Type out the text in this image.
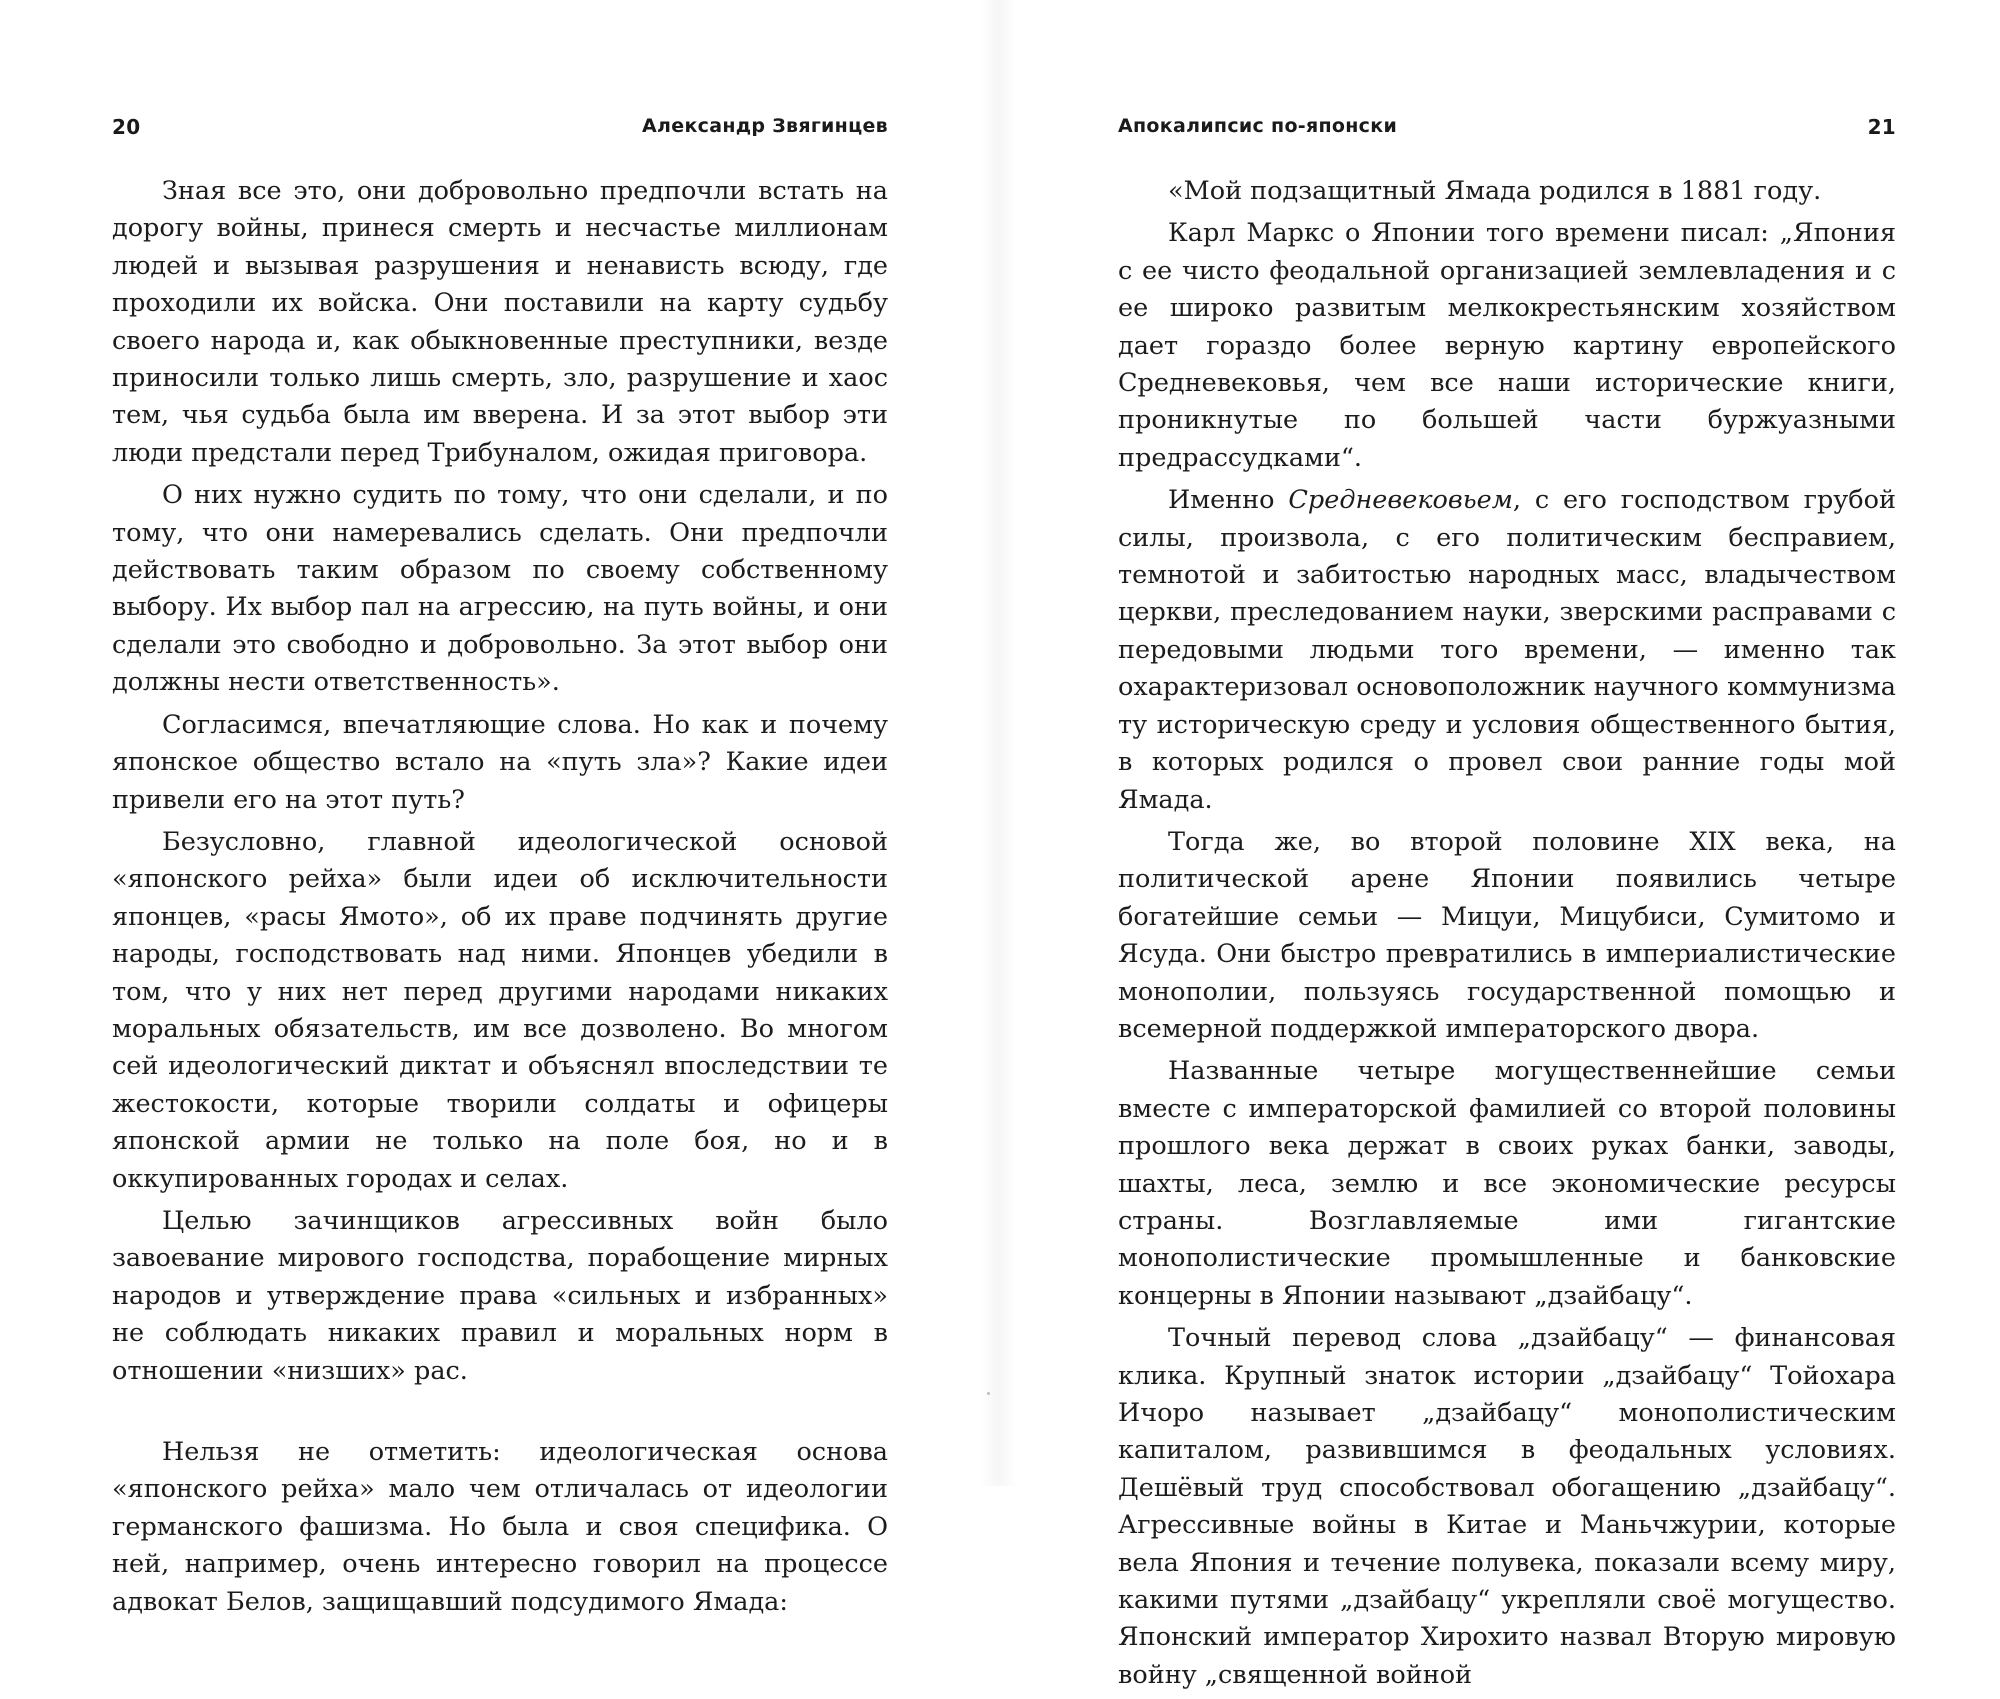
20	Александр Звягинцев

Зная все это, они добровольно предпочли встать на дорогу войны, принеся смерть и несчастье миллионам людей и вызывая разрушения и ненависть всюду, где проходили их войска. Они поставили на карту судьбу своего народа и, как обыкновенные преступники, везде приносили только лишь смерть, зло, разрушение и хаос тем, чья судьба была им вверена. И за этот выбор эти люди предстали перед Трибуналом, ожидая приговора.

О них нужно судить по тому, что они сделали, и по тому, что они намеревались сделать. Они предпочли действовать таким образом по своему собственному выбору. Их выбор пал на агрессию, на путь войны, и они сделали это свободно и добровольно. За этот выбор они должны нести ответственность».

Согласимся, впечатляющие слова. Но как и почему японское общество встало на «путь зла»? Какие идеи привели его на этот путь?

Безусловно, главной идеологической основой «японского рейха» были идеи об исключительности японцев, «расы Ямото», об их праве подчинять другие народы, господствовать над ними. Японцев убедили в том, что у них нет перед другими народами никаких моральных обязательств, им все дозволено. Во многом сей идеологический диктат и объяснял впоследствии те жестокости, которые творили солдаты и офицеры японской армии не только на поле боя, но и в оккупированных городах и селах.

Целью зачинщиков агрессивных войн было завоевание мирового господства, порабощение мирных народов и утверждение права «сильных и избранных» не соблюдать никаких правил и моральных норм в отношении «низших» рас.

Нельзя не отметить: идеологическая основа «японского рейха» мало чем отличалась от идеологии германского фашизма. Но была и своя специфика. О ней, например, очень интересно говорил на процессе адвокат Белов, защищавший подсудимого Ямада:

Апокалипсис по-японски	21

«Мой подзащитный Ямада родился в 1881 году.

Карл Маркс о Японии того времени писал: „Япония с ее чисто феодальной организацией землевладения и с ее широко развитым мелкокрестьянским хозяйством дает гораздо более верную картину европейского Средневековья, чем все наши исторические книги, проникнутые по большей части буржуазными предрассудками“.

Именно Средневековьем, с его господством грубой силы, произвола, с его политическим бесправием, темнотой и забитостью народных масс, владычеством церкви, преследованием науки, зверскими расправами с передовыми людьми того времени, — именно так охарактеризовал основоположник научного коммунизма ту историческую среду и условия общественного бытия, в которых родился о провел свои ранние годы мой Ямада.

Тогда же, во второй половине XIX века, на политической арене Японии появились четыре богатейшие семьи — Мицуи, Мицубиси, Сумитомо и Ясуда. Они быстро превратились в империалистические монополии, пользуясь государственной помощью и всемерной поддержкой императорского двора.

Названные четыре могущественнейшие семьи вместе с императорской фамилией со второй половины прошлого века держат в своих руках банки, заводы, шахты, леса, землю и все экономические ресурсы страны. Возглавляемые ими гигантские монополистические промышленные и банковские концерны в Японии называют „дзайбацу“.

Точный перевод слова „дзайбацу“ — финансовая клика. Крупный знаток истории „дзайбацу“ Тойохара Ичоро называет „дзайбацу“ монополистическим капиталом, развившимся в феодальных условиях. Дешёвый труд способствовал обогащению „дзайбацу“. Агрессивные войны в Китае и Маньчжурии, которые вела Япония и течение полувека, показали всему миру, какими путями „дзайбацу“ укрепляли своё могущество. Японский император Хирохито назвал Вторую мировую войну „священной войной
